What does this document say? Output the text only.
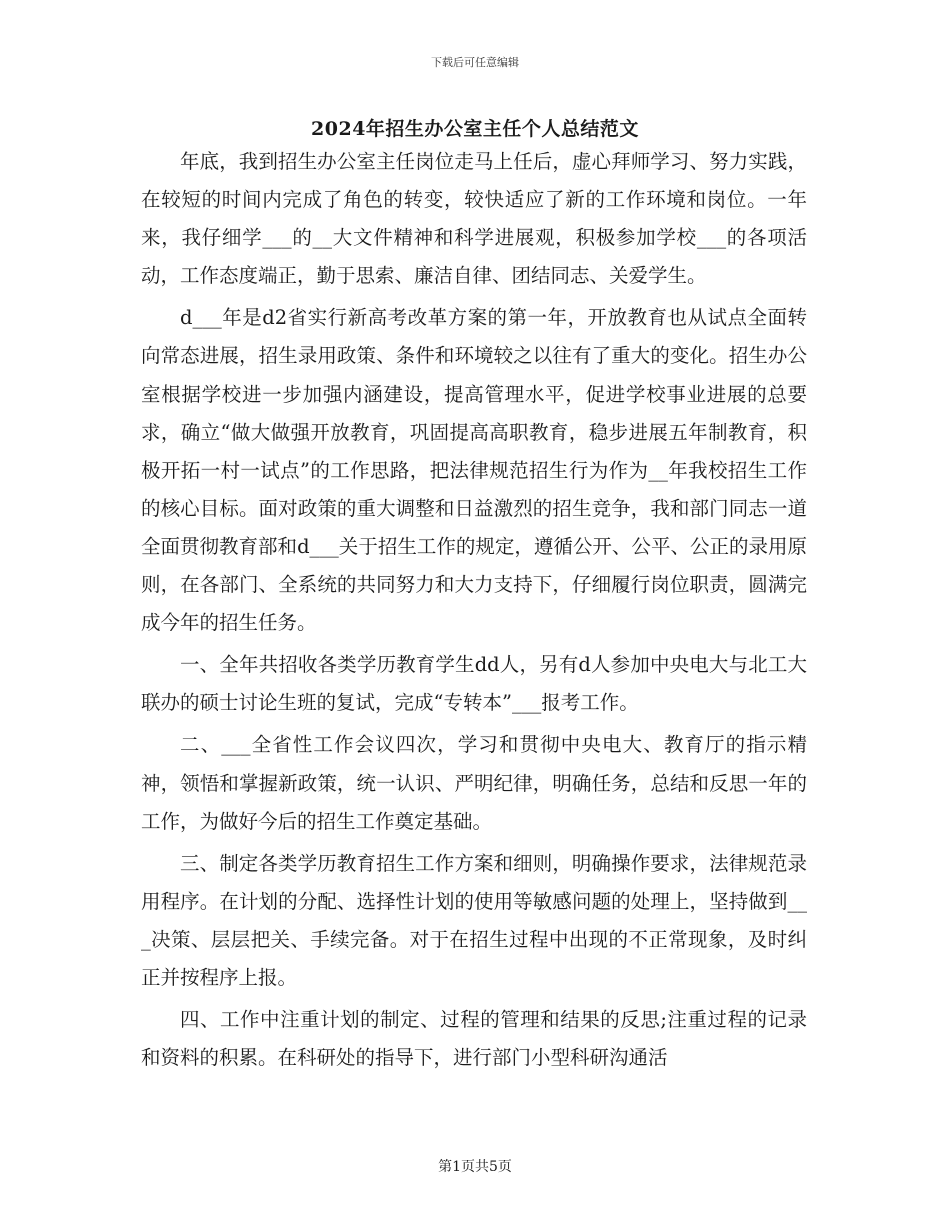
下载后可任意编辑
2024年招生办公室主任个人总结范文

年底，我到招生办公室主任岗位走马上任后，虚心拜师学习、努力实践，在较短的时间内完成了角色的转变，较快适应了新的工作环境和岗位。一年来，我仔细学___的__大文件精神和科学进展观，积极参加学校___的各项活动，工作态度端正，勤于思索、廉洁自律、团结同志、关爱学生。

d___年是d2省实行新高考改革方案的第一年，开放教育也从试点全面转向常态进展，招生录用政策、条件和环境较之以往有了重大的变化。招生办公室根据学校进一步加强内涵建设，提高管理水平，促进学校事业进展的总要求，确立“做大做强开放教育，巩固提高高职教育，稳步进展五年制教育，积极开拓一村一试点”的工作思路，把法律规范招生行为作为__年我校招生工作的核心目标。面对政策的重大调整和日益激烈的招生竞争，我和部门同志一道全面贯彻教育部和d___关于招生工作的规定，遵循公开、公平、公正的录用原则，在各部门、全系统的共同努力和大力支持下，仔细履行岗位职责，圆满完成今年的招生任务。

一、全年共招收各类学历教育学生dd人，另有d人参加中央电大与北工大联办的硕士讨论生班的复试，完成“专转本”___报考工作。

二、___全省性工作会议四次，学习和贯彻中央电大、教育厅的指示精神，领悟和掌握新政策，统一认识、严明纪律，明确任务，总结和反思一年的工作，为做好今后的招生工作奠定基础。

三、制定各类学历教育招生工作方案和细则，明确操作要求，法律规范录用程序。在计划的分配、选择性计划的使用等敏感问题的处理上，坚持做到___决策、层层把关、手续完备。对于在招生过程中出现的不正常现象，及时纠正并按程序上报。

四、工作中注重计划的制定、过程的管理和结果的反思;注重过程的记录和资料的积累。在科研处的指导下，进行部门小型科研沟通活

第1页共5页
